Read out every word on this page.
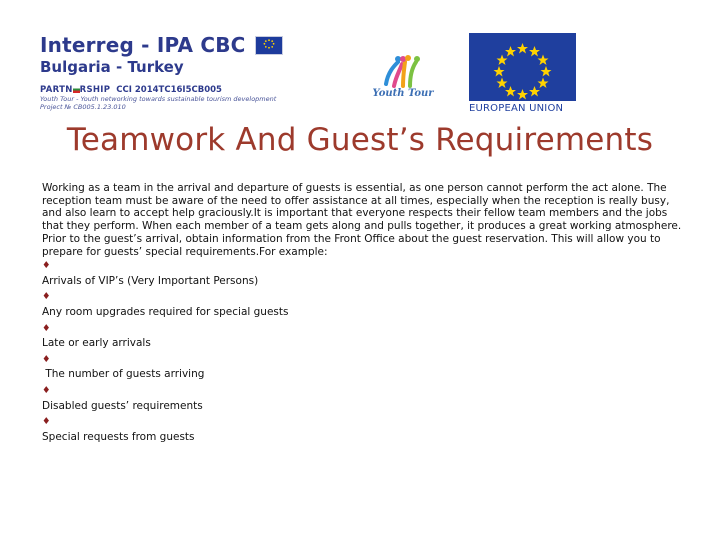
Interreg - IPA CBC
Bulgaria - Turkey
PARTN RSHIP CCI 2014TC16I5CB005
Youth Tour - Youth networking towards sustainable tourism development
Project № CB005.1.23.010
Youth Tour
EUROPEAN UNION
Teamwork And Guest’s Requirements

Working as a team in the arrival and departure of guests is essential, as one person cannot perform the act alone. The reception team must be aware of the need to offer assistance at all times, especially when the reception is really busy, and also learn to accept help graciously.It is important that everyone respects their fellow team members and the jobs that they perform. When each member of a team gets along and pulls together, it produces a great working atmosphere.

Prior to the guest’s arrival, obtain information from the Front Office about the guest reservation. This will allow you to prepare for guests’ special requirements.For example:

♦

Arrivals of VIP’s (Very Important Persons)

♦

Any room upgrades required for special guests

♦

Late or early arrivals

♦

The number of guests arriving

♦

Disabled guests’ requirements

♦

Special requests from guests
